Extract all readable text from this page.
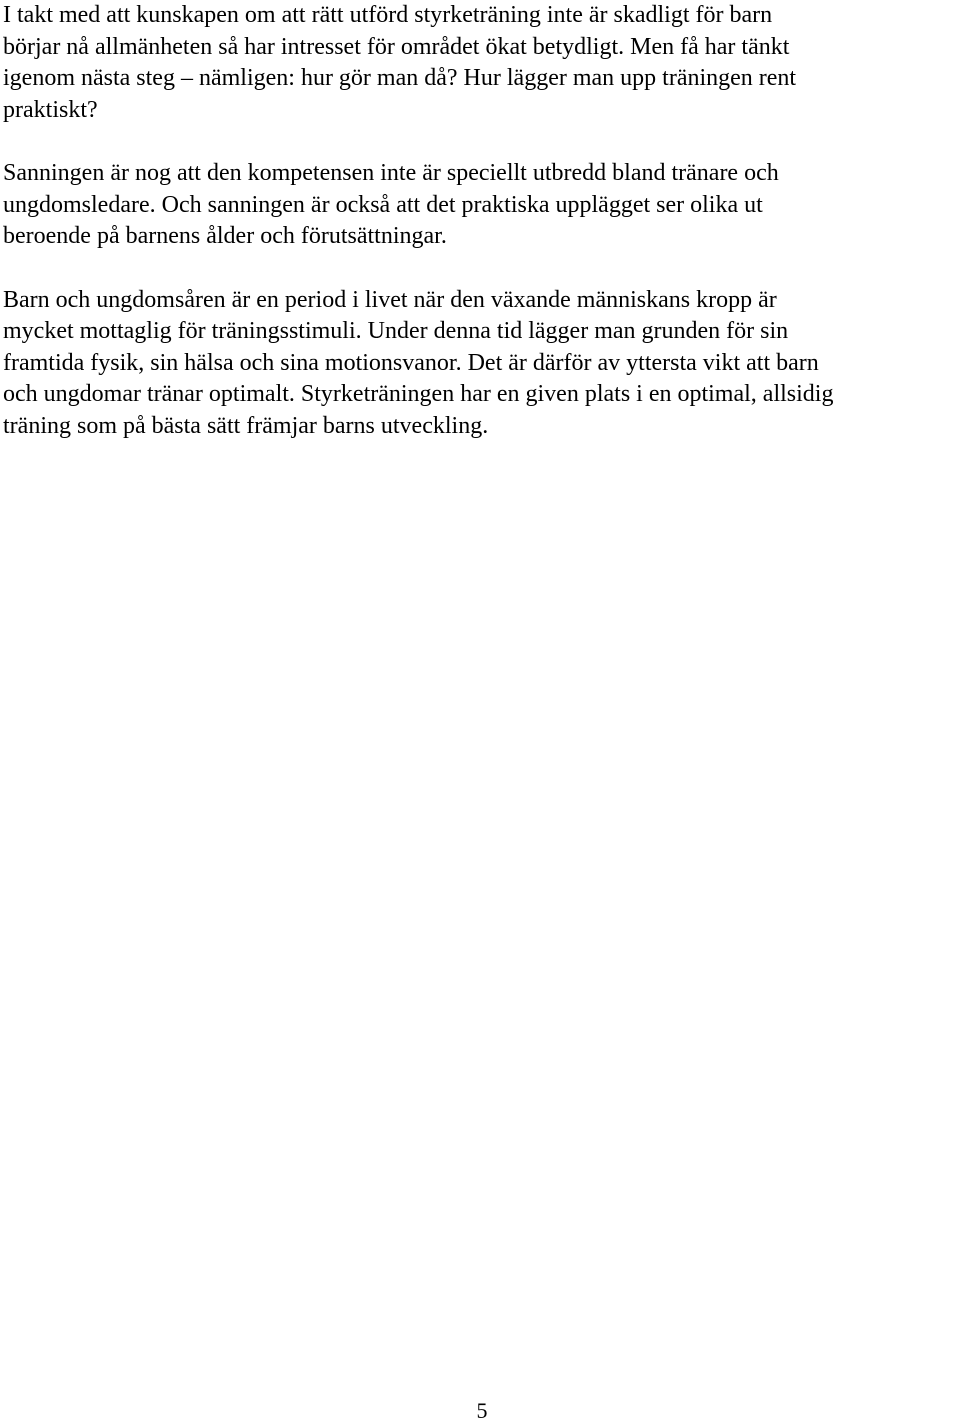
I takt med att kunskapen om att rätt utförd styrketräning inte är skadligt för barn
börjar nå allmänheten så har intresset för området ökat betydligt. Men få har tänkt
igenom nästa steg – nämligen: hur gör man då? Hur lägger man upp träningen rent
praktiskt?

Sanningen är nog att den kompetensen inte är speciellt utbredd bland tränare och
ungdomsledare. Och sanningen är också att det praktiska upplägget ser olika ut
beroende på barnens ålder och förutsättningar.

Barn och ungdomsåren är en period i livet när den växande människans kropp är
mycket mottaglig för träningsstimuli. Under denna tid lägger man grunden för sin
framtida fysik, sin hälsa och sina motionsvanor. Det är därför av yttersta vikt att barn
och ungdomar tränar optimalt. Styrketräningen har en given plats i en optimal, allsidig
träning som på bästa sätt främjar barns utveckling.

5
